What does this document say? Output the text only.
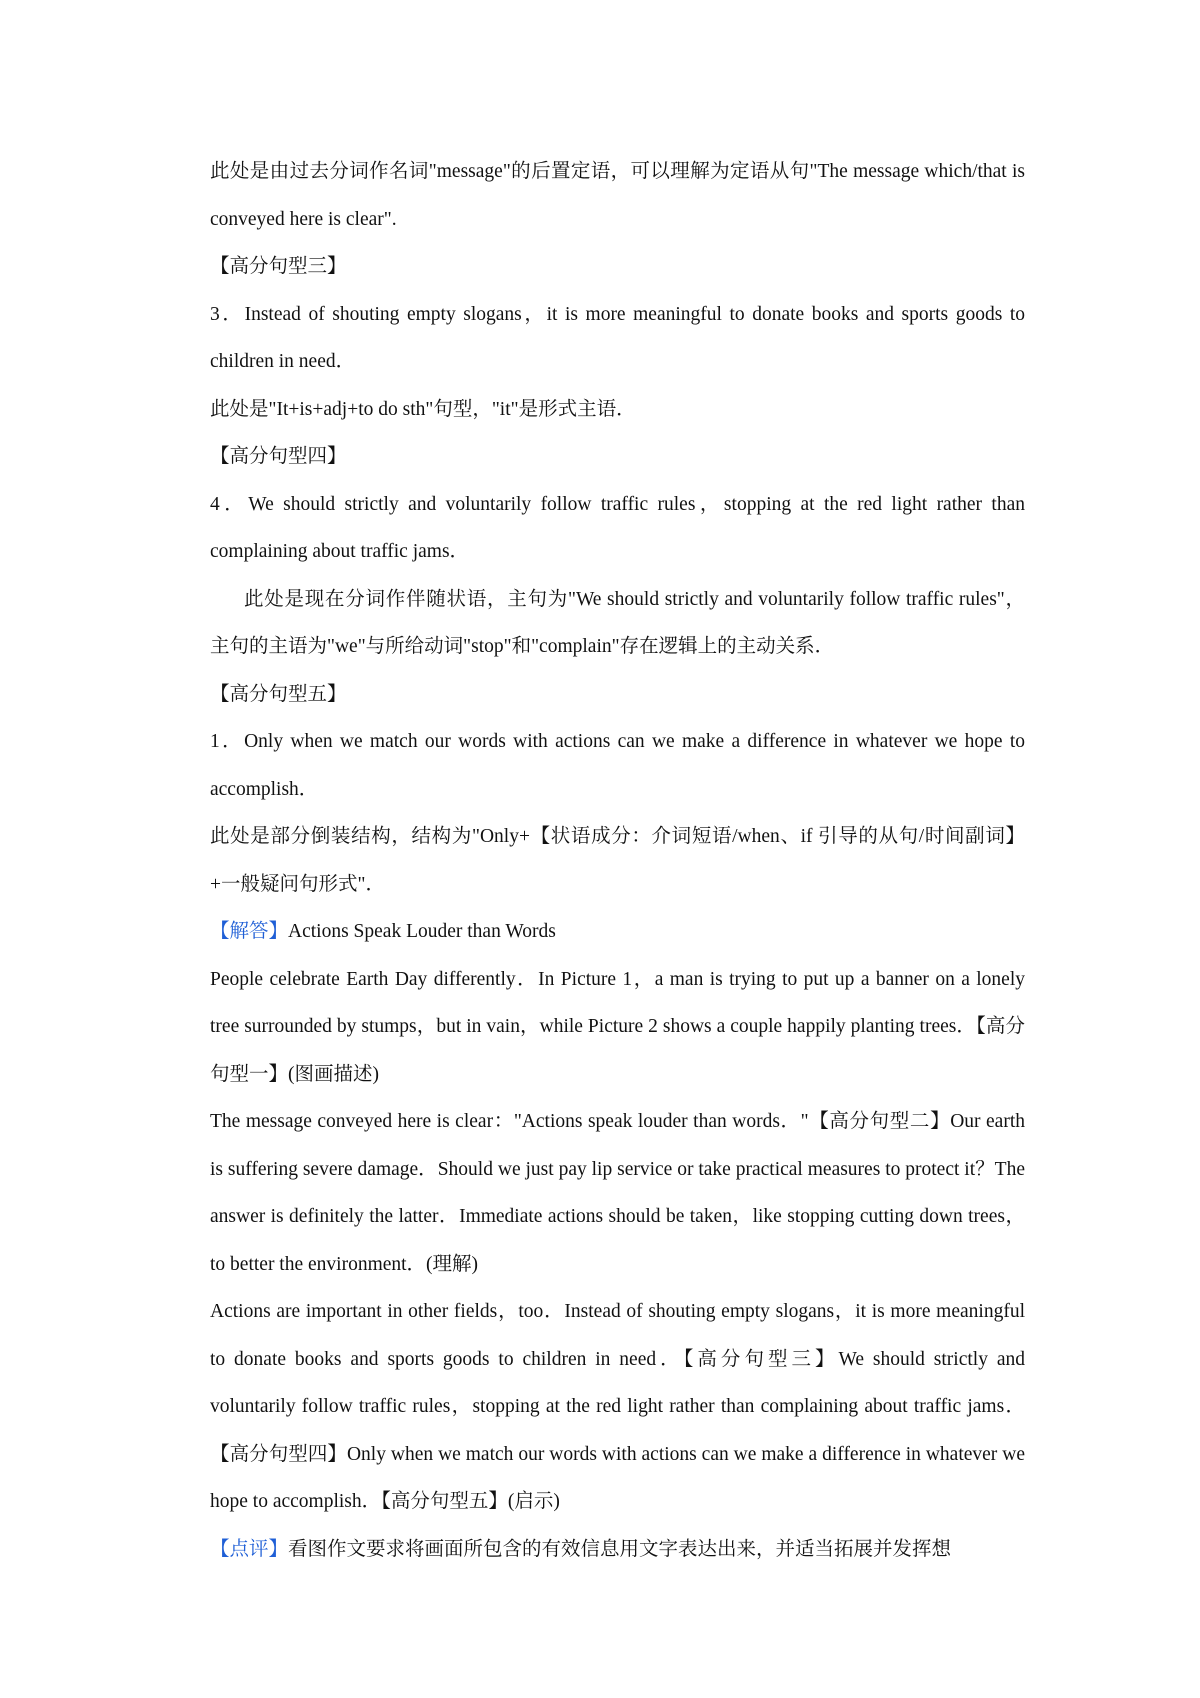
此处是由过去分词作名词"message"的后置定语，可以理解为定语从句"The message which/that is conveyed here is clear".

【高分句型三】

3．Instead of shouting empty slogans，it is more meaningful to donate books and sports goods to children in need．

此处是"It+is+adj+to do sth"句型，"it"是形式主语．

【高分句型四】

4．We should strictly and voluntarily follow traffic rules，stopping at the red light rather than complaining about traffic jams．

此处是现在分词作伴随状语，主句为"We should strictly and voluntarily follow traffic rules"，主句的主语为"we"与所给动词"stop"和"complain"存在逻辑上的主动关系．

【高分句型五】

1．Only when we match our words with actions can we make a difference in whatever we hope to accomplish．

此处是部分倒装结构，结构为"Only+【状语成分：介词短语/when、if 引导的从句/时间副词】+一般疑问句形式"．

【解答】Actions Speak Louder than Words

People celebrate Earth Day differently．In Picture 1，a man is trying to put up a banner on a lonely tree surrounded by stumps，but in vain，while Picture 2 shows a couple happily planting trees．【高分句型一】(图画描述)

The message conveyed here is clear："Actions speak louder than words．"【高分句型二】Our earth is suffering severe damage．Should we just pay lip service or take practical measures to protect it？The answer is definitely the latter．Immediate actions should be taken，like stopping cutting down trees，to better the environment．(理解)

Actions are important in other fields，too．Instead of shouting empty slogans，it is more meaningful to donate books and sports goods to children in need．【高分句型三】We should strictly and voluntarily follow traffic rules，stopping at the red light rather than complaining about traffic jams．【高分句型四】Only when we match our words with actions can we make a difference in whatever we hope to accomplish．【高分句型五】(启示)

【点评】看图作文要求将画面所包含的有效信息用文字表达出来，并适当拓展并发挥想
